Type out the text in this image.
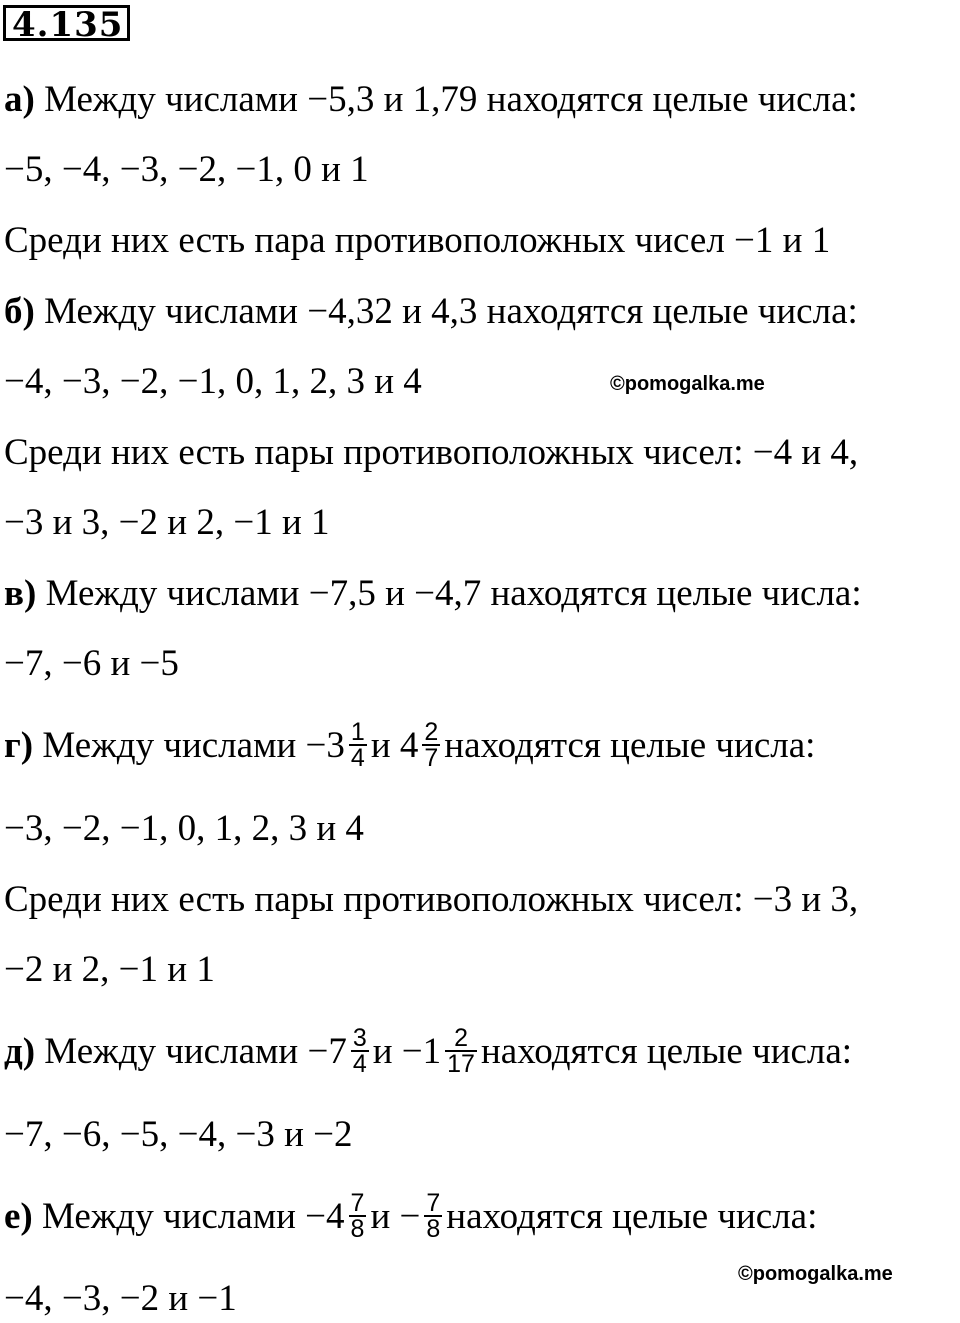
4.135
а) Между числами −5,3 и 1,79 находятся целые числа:
−5, −4, −3, −2, −1, 0 и 1
Среди них есть пара противоположных чисел −1 и 1
б) Между числами −4,32 и 4,3 находятся целые числа:
−4, −3, −2, −1, 0, 1, 2, 3 и 4	©pomogalka.me
Среди них есть пары противоположных чисел: −4 и 4,
−3 и 3, −2 и 2, −1 и 1
в) Между числами −7,5 и −4,7 находятся целые числа:
−7, −6 и −5
г) Между числами $-3 \frac{1}{4}$ и $4 \frac{2}{7}$ находятся целые числа:
−3, −2, −1, 0, 1, 2, 3 и 4
Среди них есть пары противоположных чисел: −3 и 3,
−2 и 2, −1 и 1
д) Между числами $-7 \frac{3}{4}$ $и -1 \frac{2}{17}$ находятся целые числа:
−7, −6, −5, −4, −3 и −2
е) Между числами $-4 \frac{7}{8}$ $и - \frac{7}{8}$ находятся целые числа:
©pomogalka.me
−4, −3, −2 и −1
